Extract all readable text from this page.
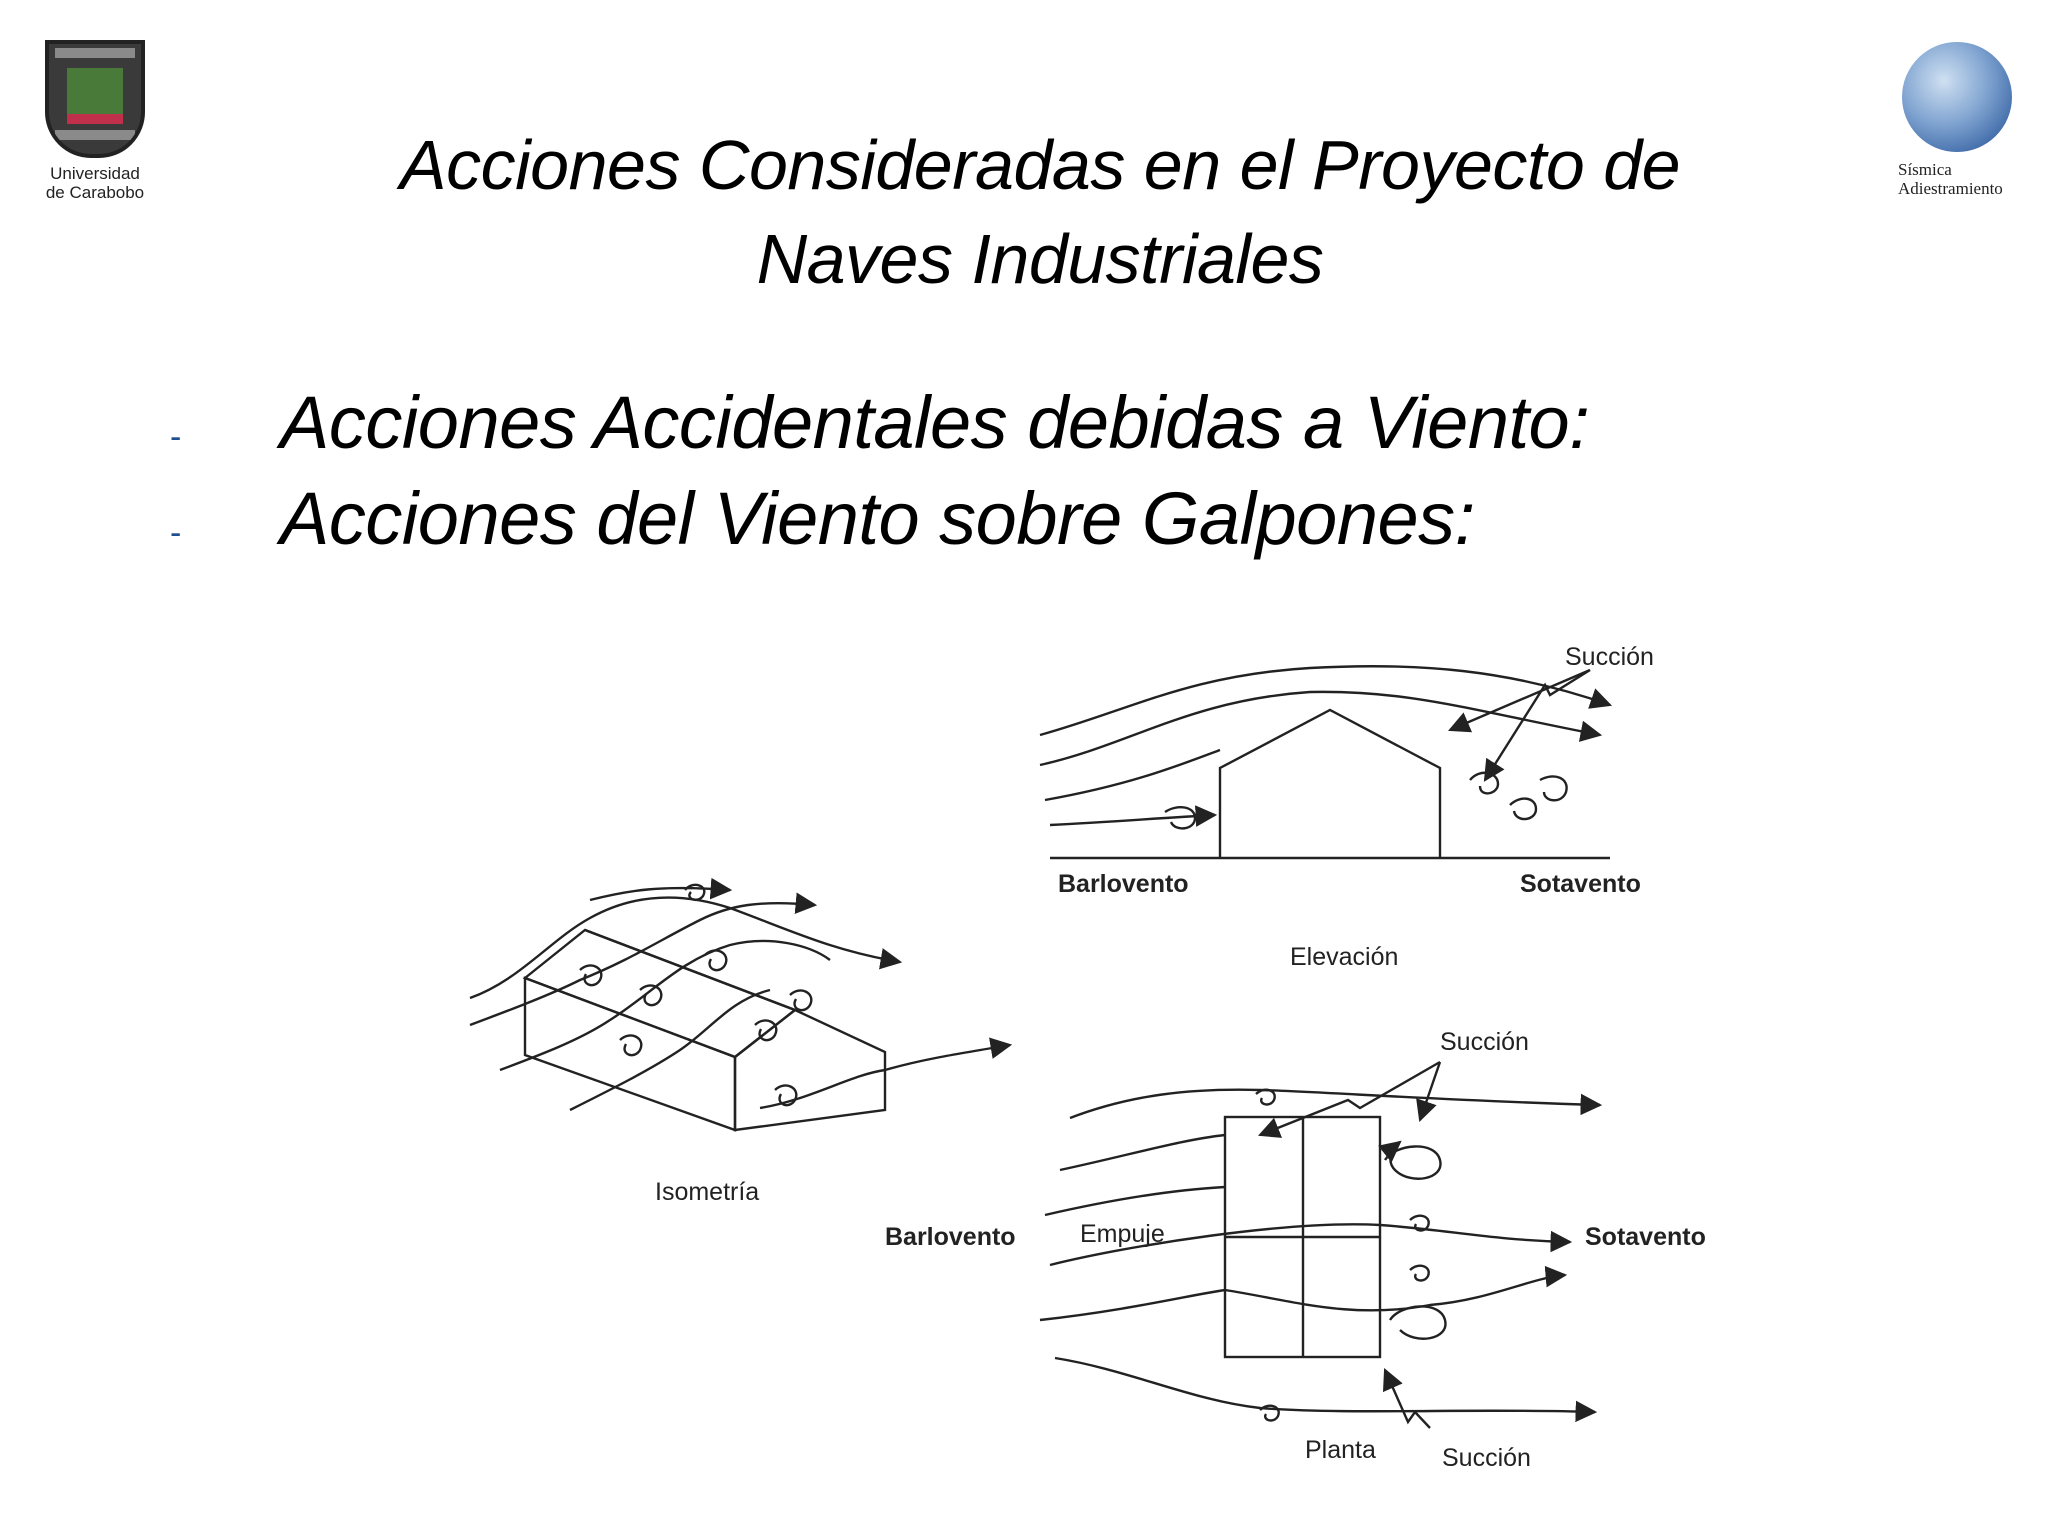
Universidad
de Carabobo
Sísmica
Adiestramiento
Acciones Consideradas en el Proyecto de
Naves Industriales
-	Acciones Accidentales debidas a Viento:
-	Acciones del Viento sobre Galpones:
Succión
Barlovento	Sotavento
Elevación
Isometría
Succión
Barlovento	Empuje	Sotavento
Planta	Succión
